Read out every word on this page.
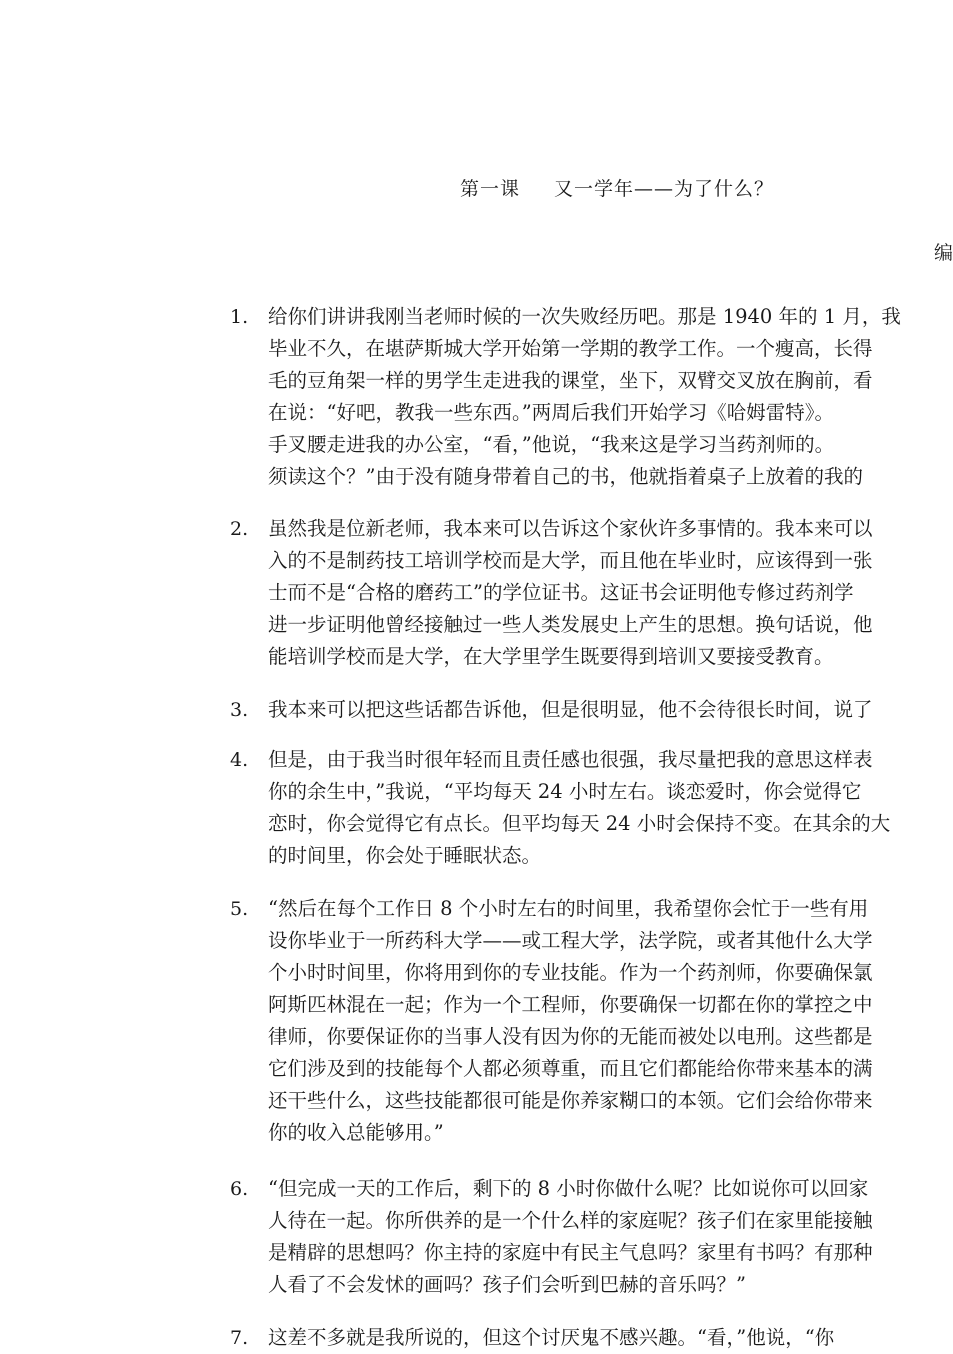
第一课 又一学年——为了什么？
编
1. 给你们讲讲我刚当老师时候的一次失败经历吧。那是 1940 年的 1 月，我
毕业不久，在堪萨斯城大学开始第一学期的教学工作。一个瘦高，长得
毛的豆角架一样的男学生走进我的课堂，坐下，双臂交叉放在胸前，看
在说：“好吧，教我一些东西。”两周后我们开始学习《哈姆雷特》。
手叉腰走进我的办公室，“看，”他说，“我来这是学习当药剂师的。
须读这个？”由于没有随身带着自己的书，他就指着桌子上放着的我的
2. 虽然我是位新老师，我本来可以告诉这个家伙许多事情的。我本来可以
入的不是制药技工培训学校而是大学，而且他在毕业时，应该得到一张
士而不是“合格的磨药工”的学位证书。这证书会证明他专修过药剂学
进一步证明他曾经接触过一些人类发展史上产生的思想。换句话说，他
能培训学校而是大学，在大学里学生既要得到培训又要接受教育。
3. 我本来可以把这些话都告诉他，但是很明显，他不会待很长时间，说了
4. 但是，由于我当时很年轻而且责任感也很强，我尽量把我的意思这样表
你的余生中，”我说，“平均每天 24 小时左右。谈恋爱时，你会觉得它
恋时，你会觉得它有点长。但平均每天 24 小时会保持不变。在其余的大
的时间里，你会处于睡眠状态。
5. “然后在每个工作日 8 个小时左右的时间里，我希望你会忙于一些有用
设你毕业于一所药科大学——或工程大学，法学院，或者其他什么大学
个小时时间里，你将用到你的专业技能。作为一个药剂师，你要确保氯
阿斯匹林混在一起；作为一个工程师，你要确保一切都在你的掌控之中
律师，你要保证你的当事人没有因为你的无能而被处以电刑。这些都是
它们涉及到的技能每个人都必须尊重，而且它们都能给你带来基本的满
还干些什么，这些技能都很可能是你养家糊口的本领。它们会给你带来
你的收入总能够用。”
6. “但完成一天的工作后，剩下的 8 小时你做什么呢？比如说你可以回家
人待在一起。你所供养的是一个什么样的家庭呢？孩子们在家里能接触
是精辟的思想吗？你主持的家庭中有民主气息吗？家里有书吗？有那种
人看了不会发怵的画吗？孩子们会听到巴赫的音乐吗？”
7. 这差不多就是我所说的，但这个讨厌鬼不感兴趣。“看，”他说，“你
